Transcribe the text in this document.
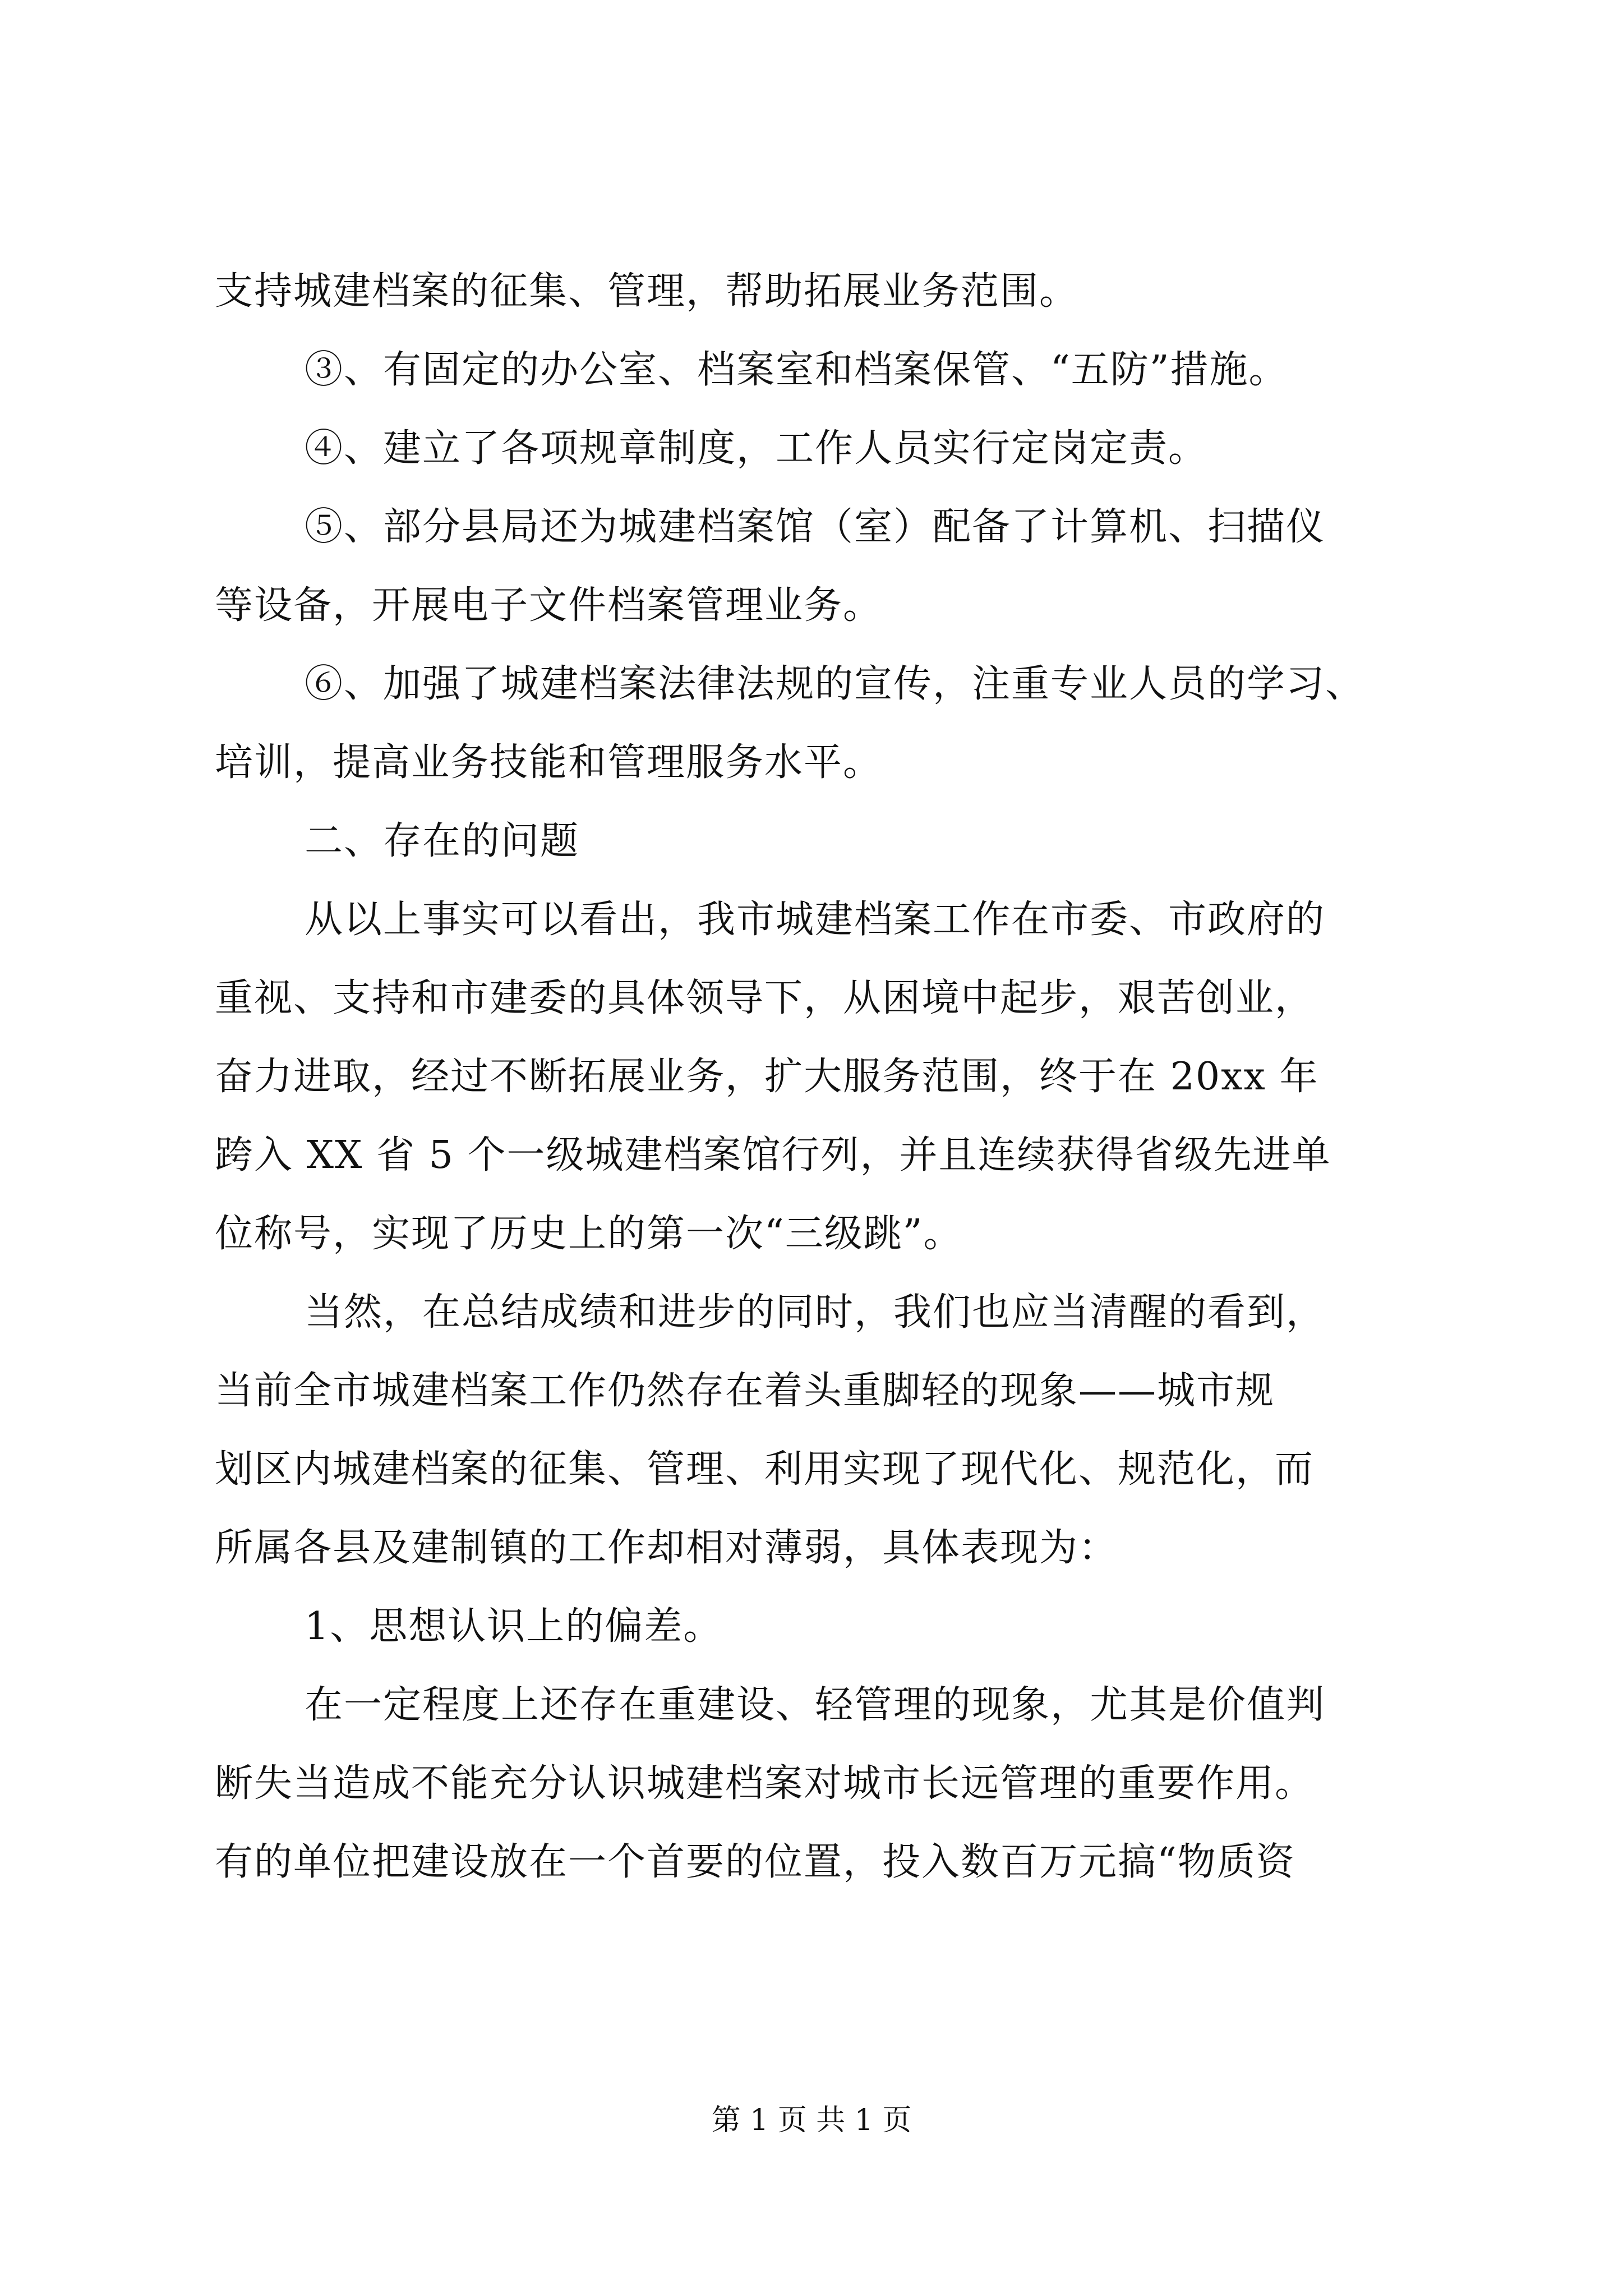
支持城建档案的征集、管理，帮助拓展业务范围。
③、有固定的办公室、档案室和档案保管、“五防”措施。
④、建立了各项规章制度，工作人员实行定岗定责。
⑤、部分县局还为城建档案馆（室）配备了计算机、扫描仪
等设备，开展电子文件档案管理业务。
⑥、加强了城建档案法律法规的宣传，注重专业人员的学习、
培训，提高业务技能和管理服务水平。
二、存在的问题
从以上事实可以看出，我市城建档案工作在市委、市政府的
重视、支持和市建委的具体领导下，从困境中起步，艰苦创业，
奋力进取，经过不断拓展业务，扩大服务范围，终于在 20xx 年
跨入 XX 省 5 个一级城建档案馆行列，并且连续获得省级先进单
位称号，实现了历史上的第一次“三级跳”。
当然，在总结成绩和进步的同时，我们也应当清醒的看到，
当前全市城建档案工作仍然存在着头重脚轻的现象——城市规
划区内城建档案的征集、管理、利用实现了现代化、规范化，而
所属各县及建制镇的工作却相对薄弱，具体表现为：
1、思想认识上的偏差。
在一定程度上还存在重建设、轻管理的现象，尤其是价值判
断失当造成不能充分认识城建档案对城市长远管理的重要作用。
有的单位把建设放在一个首要的位置，投入数百万元搞“物质资
第 1 页 共 1 页
